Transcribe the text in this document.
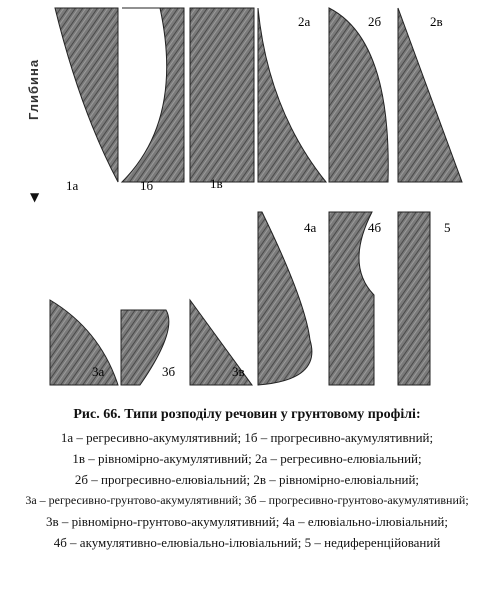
1а	1б	1в
2а	2б	2в
3а	3б	3в
4а	4б	5
Глибина
▼
Рис. 66. Типи розподілу речовин у грунтовому профілі:
1а – регресивно-акумулятивний; 1б – прогресивно-акумулятивний;
1в – рівномірно-акумулятивний; 2а – регресивно-елювіальний;
2б – прогресивно-елювіальний; 2в – рівномірно-елювіальний;
3а – регресивно-грунтово-акумулятивний; 3б – прогресивно-грунтово-акумулятивний;
3в – рівномірно-грунтово-акумулятивний; 4а – елювіально-ілювіальний;
4б – акумулятивно-елювіально-ілювіальний; 5 – недиференційований
